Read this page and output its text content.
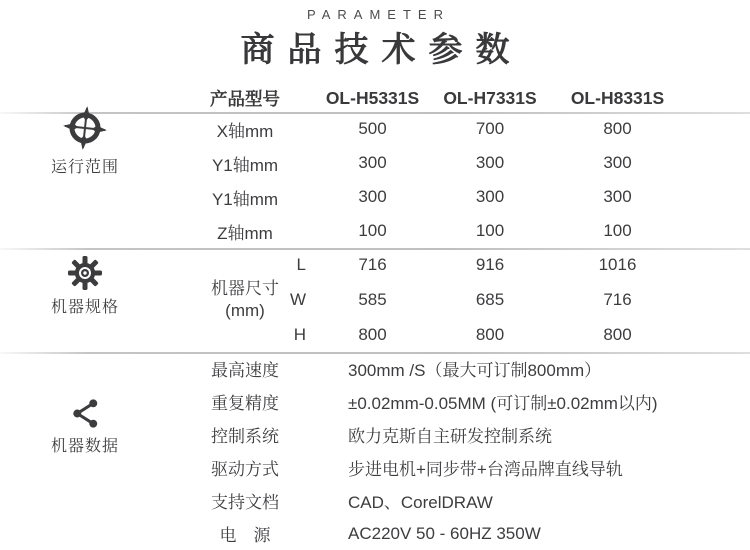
PARAMETER
商品技术参数
产品型号	OL-H5331S	OL-H7331S	OL-H8331S
运行范围
X轴mm	500	700	800
Y1轴mm	300	300	300
Y1轴mm	300	300	300
Z轴mm	100	100	100
机器规格
机器尺寸
(mm)
L	716	916	1016
W	585	685	716
H	800	800	800
机器数据
最高速度	300mm /S（最大可订制800mm）
重复精度	±0.02mm-0.05MM (可订制±0.02mm以内)
控制系统	欧力克斯自主研发控制系统
驱动方式	步进电机+同步带+台湾品牌直线导轨
支持文档	CAD、CorelDRAW
电　源	AC220V 50 - 60HZ 350W
